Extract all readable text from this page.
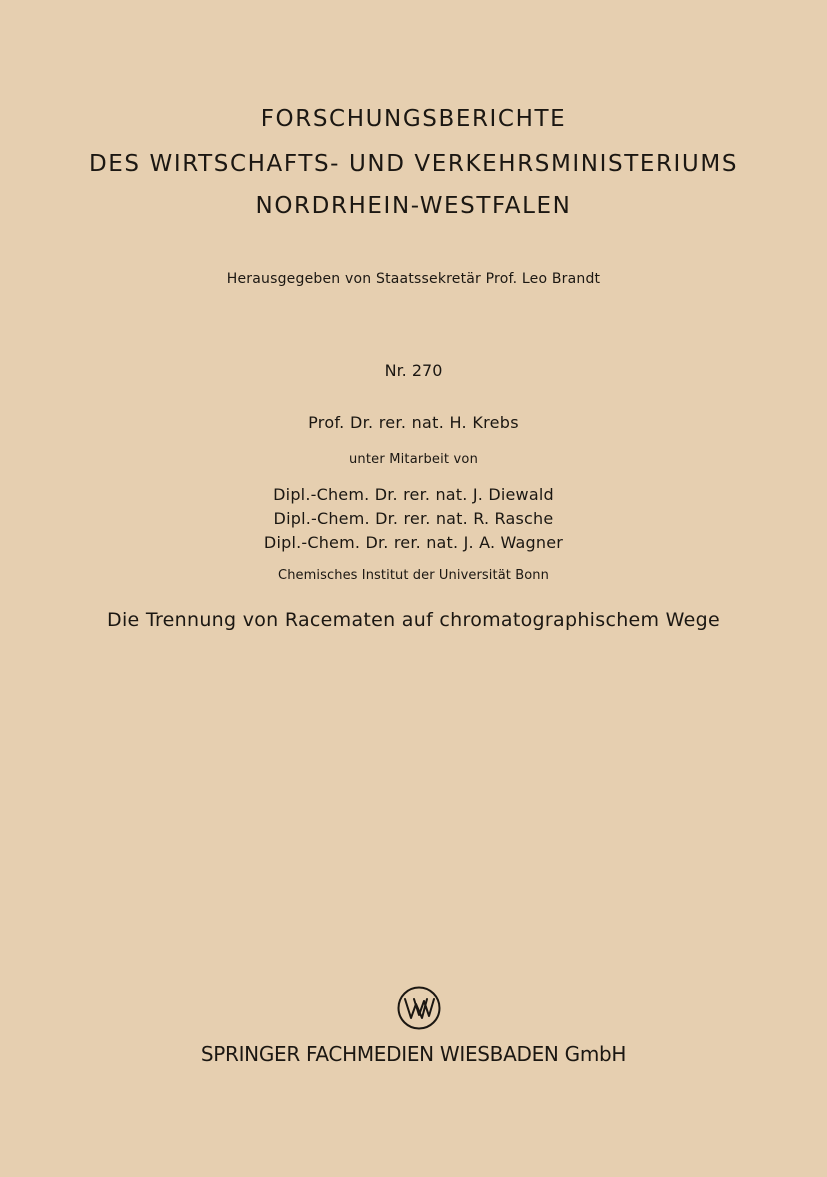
FORSCHUNGSBERICHTE
DES WIRTSCHAFTS- UND VERKEHRSMINISTERIUMS
NORDRHEIN-WESTFALEN
Herausgegeben von Staatssekretär Prof. Leo Brandt
Nr. 270
Prof. Dr. rer. nat. H. Krebs
unter Mitarbeit von
Dipl.-Chem. Dr. rer. nat. J. Diewald
Dipl.-Chem. Dr. rer. nat. R. Rasche
Dipl.-Chem. Dr. rer. nat. J. A. Wagner
Chemisches Institut der Universität Bonn
Die Trennung von Racematen auf chromatographischem Wege
SPRINGER FACHMEDIEN WIESBADEN GmbH
